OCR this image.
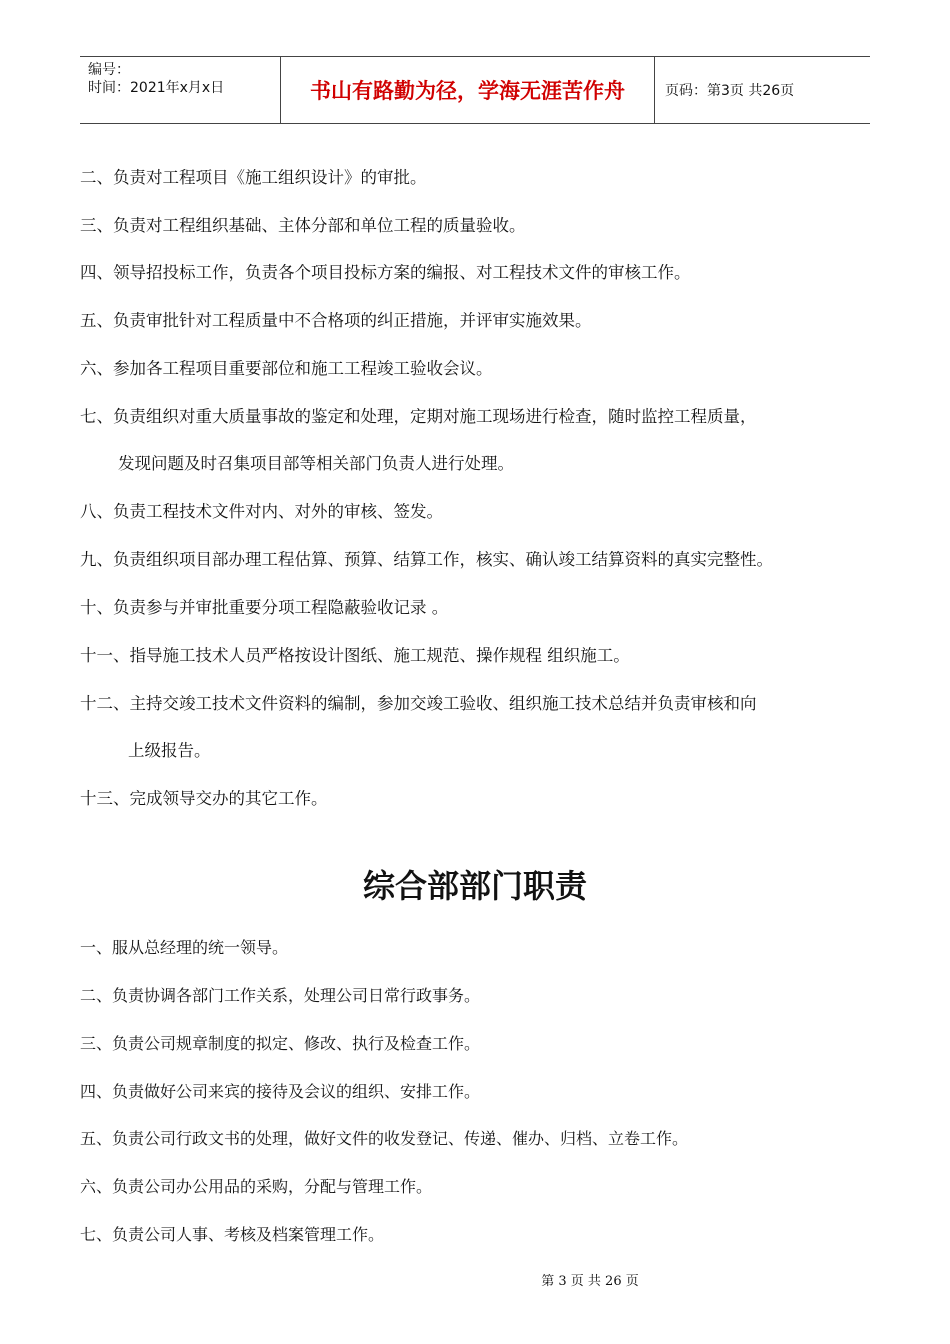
编号：
时间：2021年x月x日	书山有路勤为径，学海无涯苦作舟	页码：第3页 共26页
二、负责对工程项目《施工组织设计》的审批。
三、负责对工程组织基础、主体分部和单位工程的质量验收。
四、领导招投标工作，负责各个项目投标方案的编报、对工程技术文件的审核工作。
五、负责审批针对工程质量中不合格项的纠正措施，并评审实施效果。
六、参加各工程项目重要部位和施工工程竣工验收会议。
七、负责组织对重大质量事故的鉴定和处理，定期对施工现场进行检查，随时监控工程质量，
发现问题及时召集项目部等相关部门负责人进行处理。
八、负责工程技术文件对内、对外的审核、签发。
九、负责组织项目部办理工程估算、预算、结算工作，核实、确认竣工结算资料的真实完整性。
十、负责参与并审批重要分项工程隐蔽验收记录 。
十一、指导施工技术人员严格按设计图纸、施工规范、操作规程 组织施工。
十二、主持交竣工技术文件资料的编制，参加交竣工验收、组织施工技术总结并负责审核和向
上级报告。
十三、完成领导交办的其它工作。
综合部部门职责
一、服从总经理的统一领导。
二、负责协调各部门工作关系，处理公司日常行政事务。
三、负责公司规章制度的拟定、修改、执行及检查工作。
四、负责做好公司来宾的接待及会议的组织、安排工作。
五、负责公司行政文书的处理，做好文件的收发登记、传递、催办、归档、立卷工作。
六、负责公司办公用品的采购，分配与管理工作。
七、负责公司人事、考核及档案管理工作。
第 3 页 共 26 页
